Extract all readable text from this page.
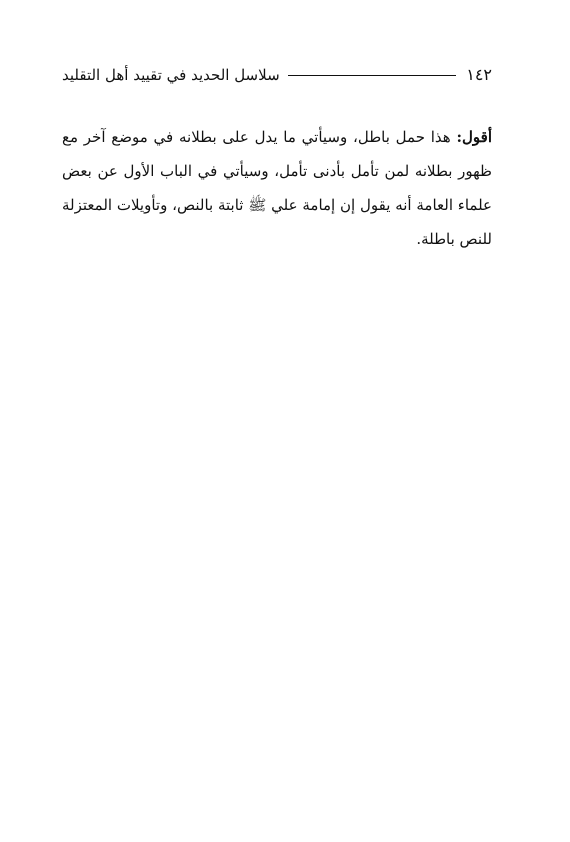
١٤٢
سلاسل الحديد في تقييد أهل التقليد

أقول: هذا حمل باطل، وسيأتي ما يدل على بطلانه في موضع آخر مع ظهور بطلانه لمن تأمل بأدنى تأمل، وسيأتي في الباب الأول عن بعض علماء العامة أنه يقول إن إمامة علي ﷺ ثابتة بالنص، وتأويلات المعتزلة للنص باطلة.
